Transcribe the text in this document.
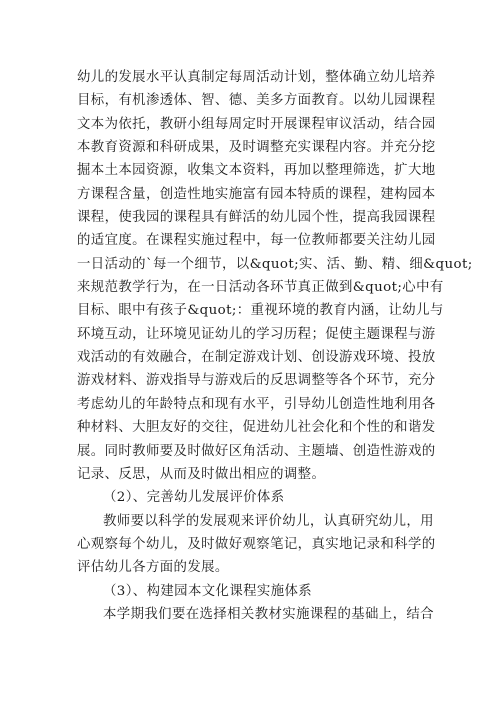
幼儿的发展水平认真制定每周活动计划，整体确立幼儿培养
目标，有机渗透体、智、德、美多方面教育。以幼儿园课程
文本为依托，教研小组每周定时开展课程审议活动，结合园
本教育资源和科研成果，及时调整充实课程内容。并充分挖
掘本土本园资源，收集文本资料，再加以整理筛选，扩大地
方课程含量，创造性地实施富有园本特质的课程，建构园本
课程，使我园的课程具有鲜活的幼儿园个性，提高我园课程
的适宜度。在课程实施过程中，每一位教师都要关注幼儿园
一日活动的`每一个细节，以&quot;实、活、勤、精、细&quot;
来规范教学行为，在一日活动各环节真正做到&quot;心中有
目标、眼中有孩子&quot;：重视环境的教育内涵，让幼儿与
环境互动，让环境见证幼儿的学习历程；促使主题课程与游
戏活动的有效融合，在制定游戏计划、创设游戏环境、投放
游戏材料、游戏指导与游戏后的反思调整等各个环节，充分
考虑幼儿的年龄特点和现有水平，引导幼儿创造性地利用各
种材料、大胆友好的交往，促进幼儿社会化和个性的和谐发
展。同时教师要及时做好区角活动、主题墙、创造性游戏的
记录、反思，从而及时做出相应的调整。
（2）、完善幼儿发展评价体系
教师要以科学的发展观来评价幼儿，认真研究幼儿，用
心观察每个幼儿，及时做好观察笔记，真实地记录和科学的
评估幼儿各方面的发展。
（3）、构建园本文化课程实施体系
本学期我们要在选择相关教材实施课程的基础上，结合
